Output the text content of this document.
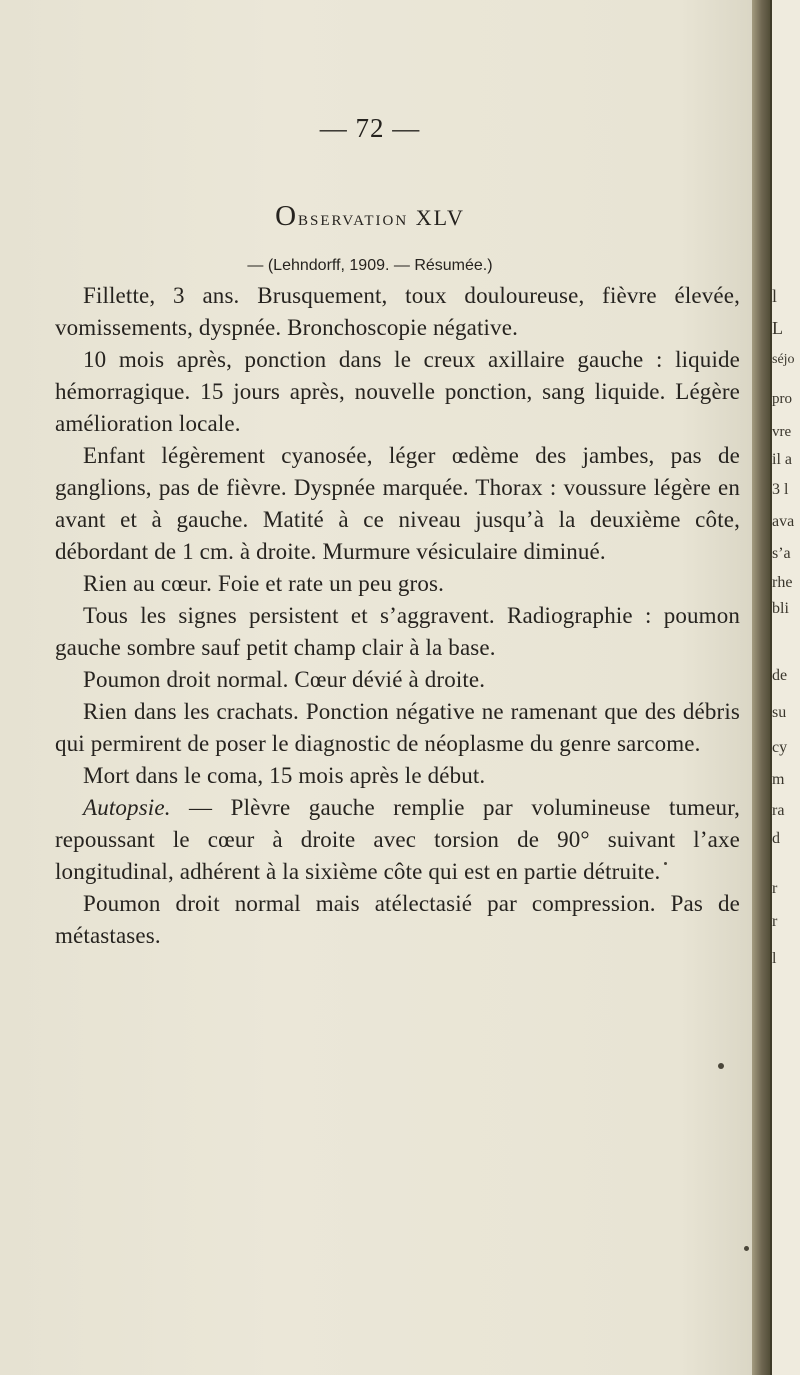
l
L
séjo
pro
vre
il a
3 l
ava
s’a
rhe
bli
de
su
cy
m
ra
d
r
r
l
— 72 —
Observation XLV
— (Lehndorff, 1909. — Résumée.)

Fillette, 3 ans. Brusquement, toux douloureuse, fièvre élevée, vomissements, dyspnée. Bronchoscopie négative.

10 mois après, ponction dans le creux axillaire gauche : liquide hémorragique. 15 jours après, nouvelle ponction, sang liquide. Légère amélioration locale.

Enfant légèrement cyanosée, léger œdème des jambes, pas de ganglions, pas de fièvre. Dyspnée marquée. Thorax : voussure légère en avant et à gauche. Matité à ce niveau jusqu’à la deuxième côte, débordant de 1 cm. à droite. Murmure vésiculaire diminué.

Rien au cœur. Foie et rate un peu gros.

Tous les signes persistent et s’aggravent. Radiographie : poumon gauche sombre sauf petit champ clair à la base.

Poumon droit normal. Cœur dévié à droite.

Rien dans les crachats. Ponction négative ne ramenant que des débris qui permirent de poser le diagnostic de néoplasme du genre sarcome.

Mort dans le coma, 15 mois après le début.

Autopsie. — Plèvre gauche remplie par volumineuse tumeur, repoussant le cœur à droite avec torsion de 90° suivant l’axe longitudinal, adhérent à la sixième côte qui est en partie détruite.

Poumon droit normal mais atélectasié par compression. Pas de métastases.
